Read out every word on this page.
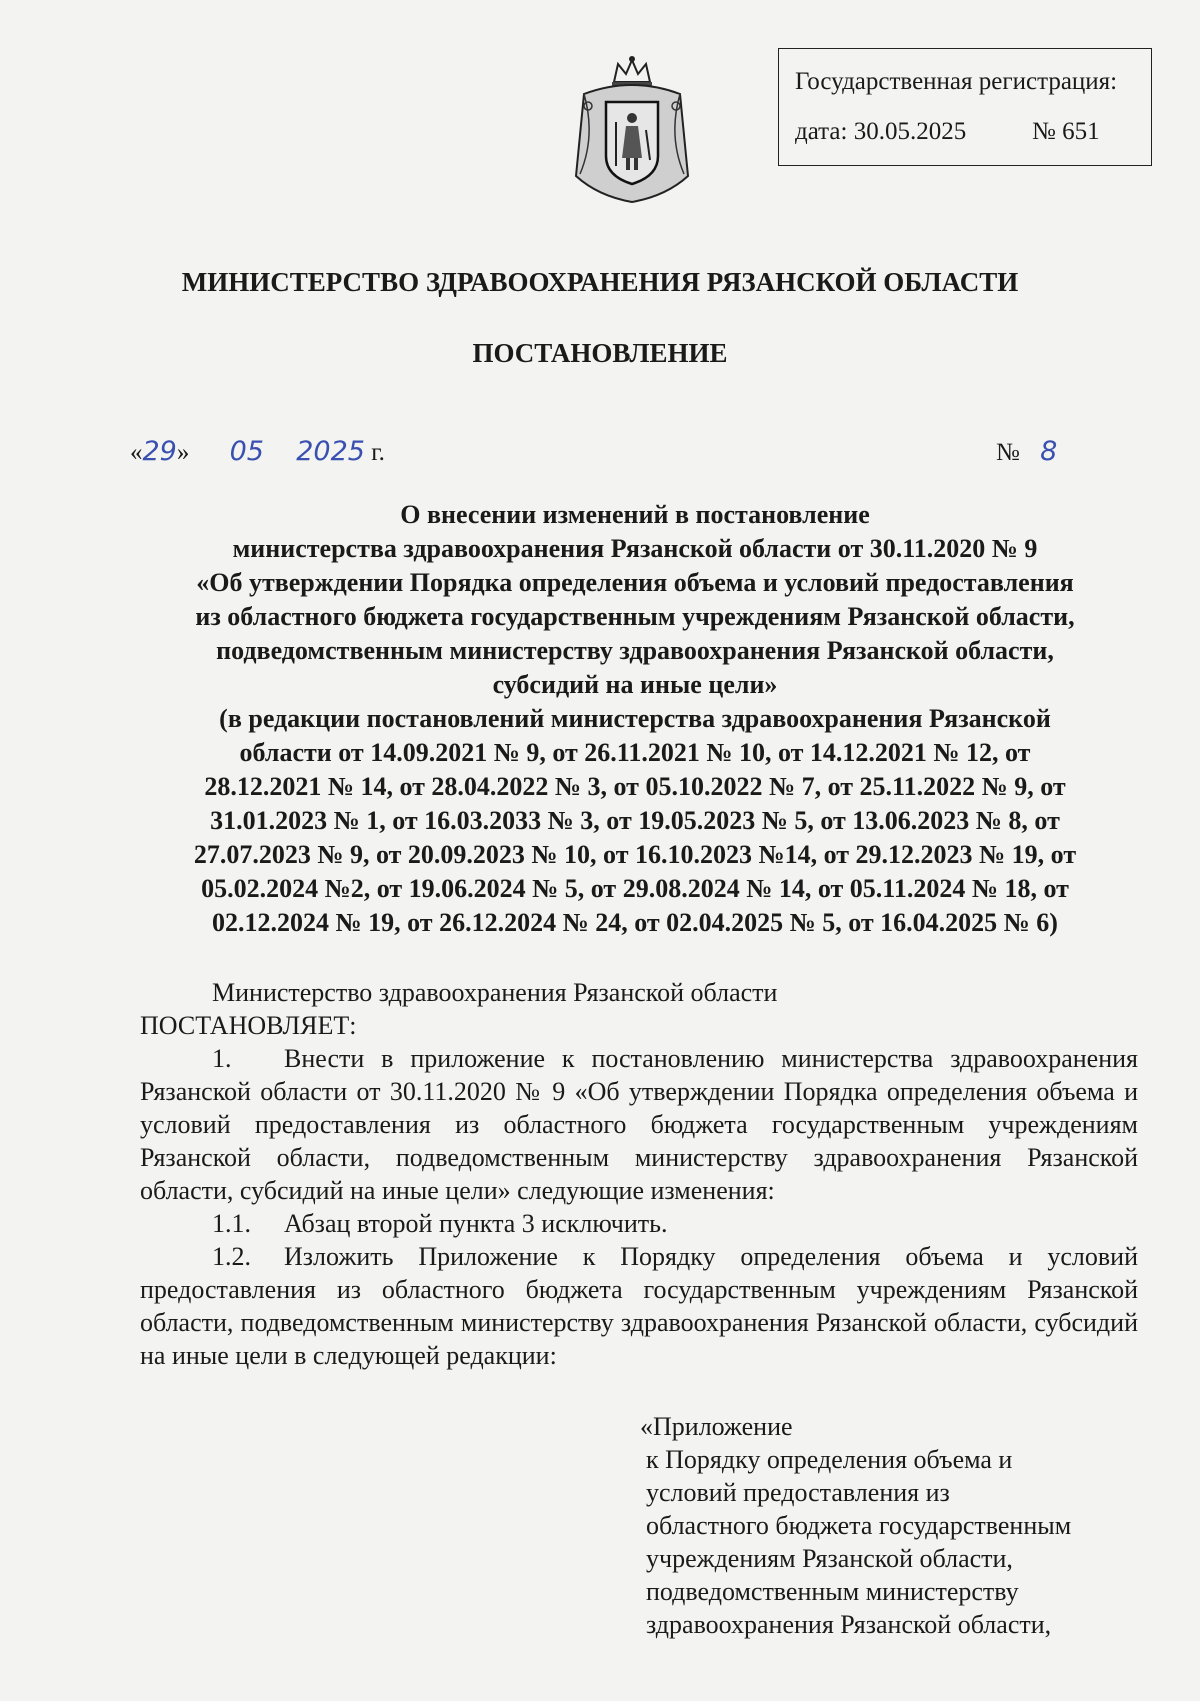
Государственная регистрация:
дата: 30.05.2025	№ 651
МИНИСТЕРСТВО ЗДРАВООХРАНЕНИЯ РЯЗАНСКОЙ ОБЛАСТИ
ПОСТАНОВЛЕНИЕ
«29» 05 2025 г.	№ 8
О внесении изменений в постановление
министерства здравоохранения Рязанской области от 30.11.2020 № 9
«Об утверждении Порядка определения объема и условий предоставления
из областного бюджета государственным учреждениям Рязанской области,
подведомственным министерству здравоохранения Рязанской области,
субсидий на иные цели»
(в редакции постановлений министерства здравоохранения Рязанской
области от 14.09.2021 № 9, от 26.11.2021 № 10, от 14.12.2021 № 12, от
28.12.2021 № 14, от 28.04.2022 № 3, от 05.10.2022 № 7, от 25.11.2022 № 9, от
31.01.2023 № 1, от 16.03.2033 № 3, от 19.05.2023 № 5, от 13.06.2023 № 8, от
27.07.2023 № 9, от 20.09.2023 № 10, от 16.10.2023 №14, от 29.12.2023 № 19, от
05.02.2024 №2, от 19.06.2024 № 5, от 29.08.2024 № 14, от 05.11.2024 № 18, от
02.12.2024 № 19, от 26.12.2024 № 24, от 02.04.2025 № 5, от 16.04.2025 № 6)

Министерство здравоохранения Рязанской области

ПОСТАНОВЛЯЕТ:

1. Внести в приложение к постановлению министерства здравоохранения Рязанской области от 30.11.2020 № 9 «Об утверждении Порядка определения объема и условий предоставления из областного бюджета государственным учреждениям Рязанской области, подведомственным министерству здравоохранения Рязанской области, субсидий на иные цели» следующие изменения:

1.1. Абзац второй пункта 3 исключить.

1.2. Изложить Приложение к Порядку определения объема и условий предоставления из областного бюджета государственным учреждениям Рязанской области, подведомственным министерству здравоохранения Рязанской области, субсидий на иные цели в следующей редакции:

«Приложение
к Порядку определения объема и
условий предоставления из
областного бюджета государственным
учреждениям Рязанской области,
подведомственным министерству
здравоохранения Рязанской области,
